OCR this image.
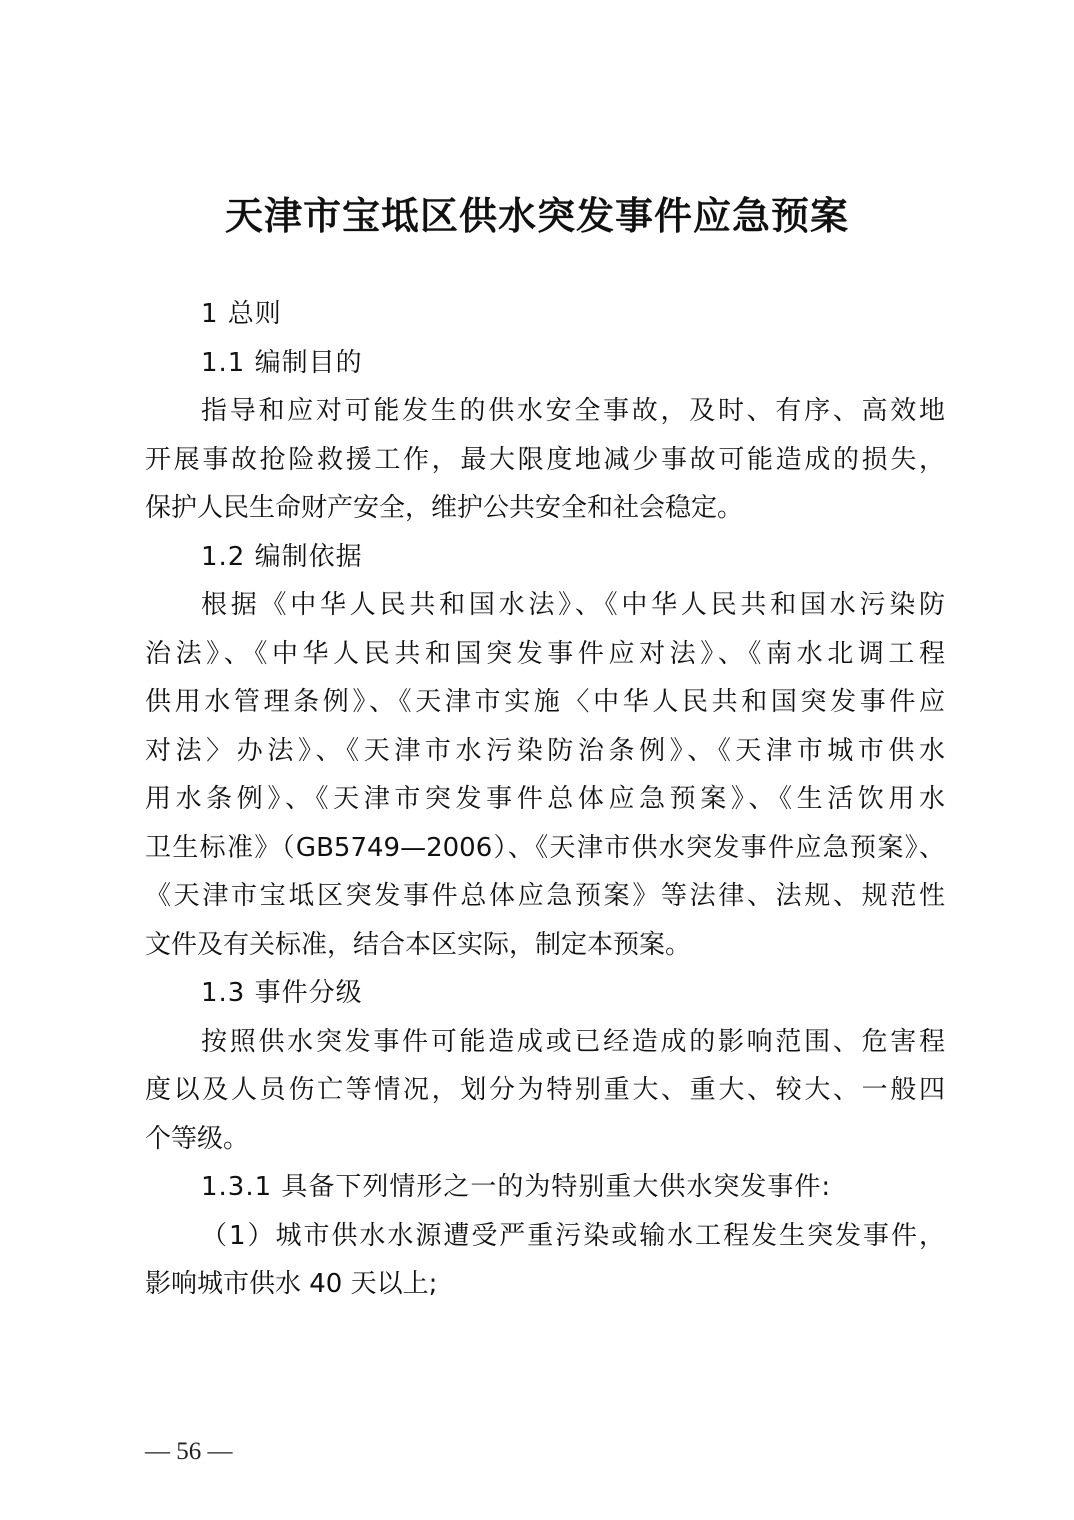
天津市宝坻区供水突发事件应急预案
1 总则
1.1 编制目的
指导和应对可能发生的供水安全事故，及时、有序、高效地
开展事故抢险救援工作，最大限度地减少事故可能造成的损失，
保护人民生命财产安全，维护公共安全和社会稳定。
1.2 编制依据
根据《中华人民共和国水法》、《中华人民共和国水污染防
治法》、《中华人民共和国突发事件应对法》、《南水北调工程
供用水管理条例》、《天津市实施〈中华人民共和国突发事件应
对法〉办法》、《天津市水污染防治条例》、《天津市城市供水
用水条例》、《天津市突发事件总体应急预案》、《生活饮用水
卫生标准》（GB5749—2006）、《天津市供水突发事件应急预案》、
《天津市宝坻区突发事件总体应急预案》等法律、法规、规范性
文件及有关标准，结合本区实际，制定本预案。
1.3 事件分级
按照供水突发事件可能造成或已经造成的影响范围、危害程
度以及人员伤亡等情况，划分为特别重大、重大、较大、一般四
个等级。
1.3.1 具备下列情形之一的为特别重大供水突发事件:
（1）城市供水水源遭受严重污染或输水工程发生突发事件，
影响城市供水 40 天以上;
— 56 —
